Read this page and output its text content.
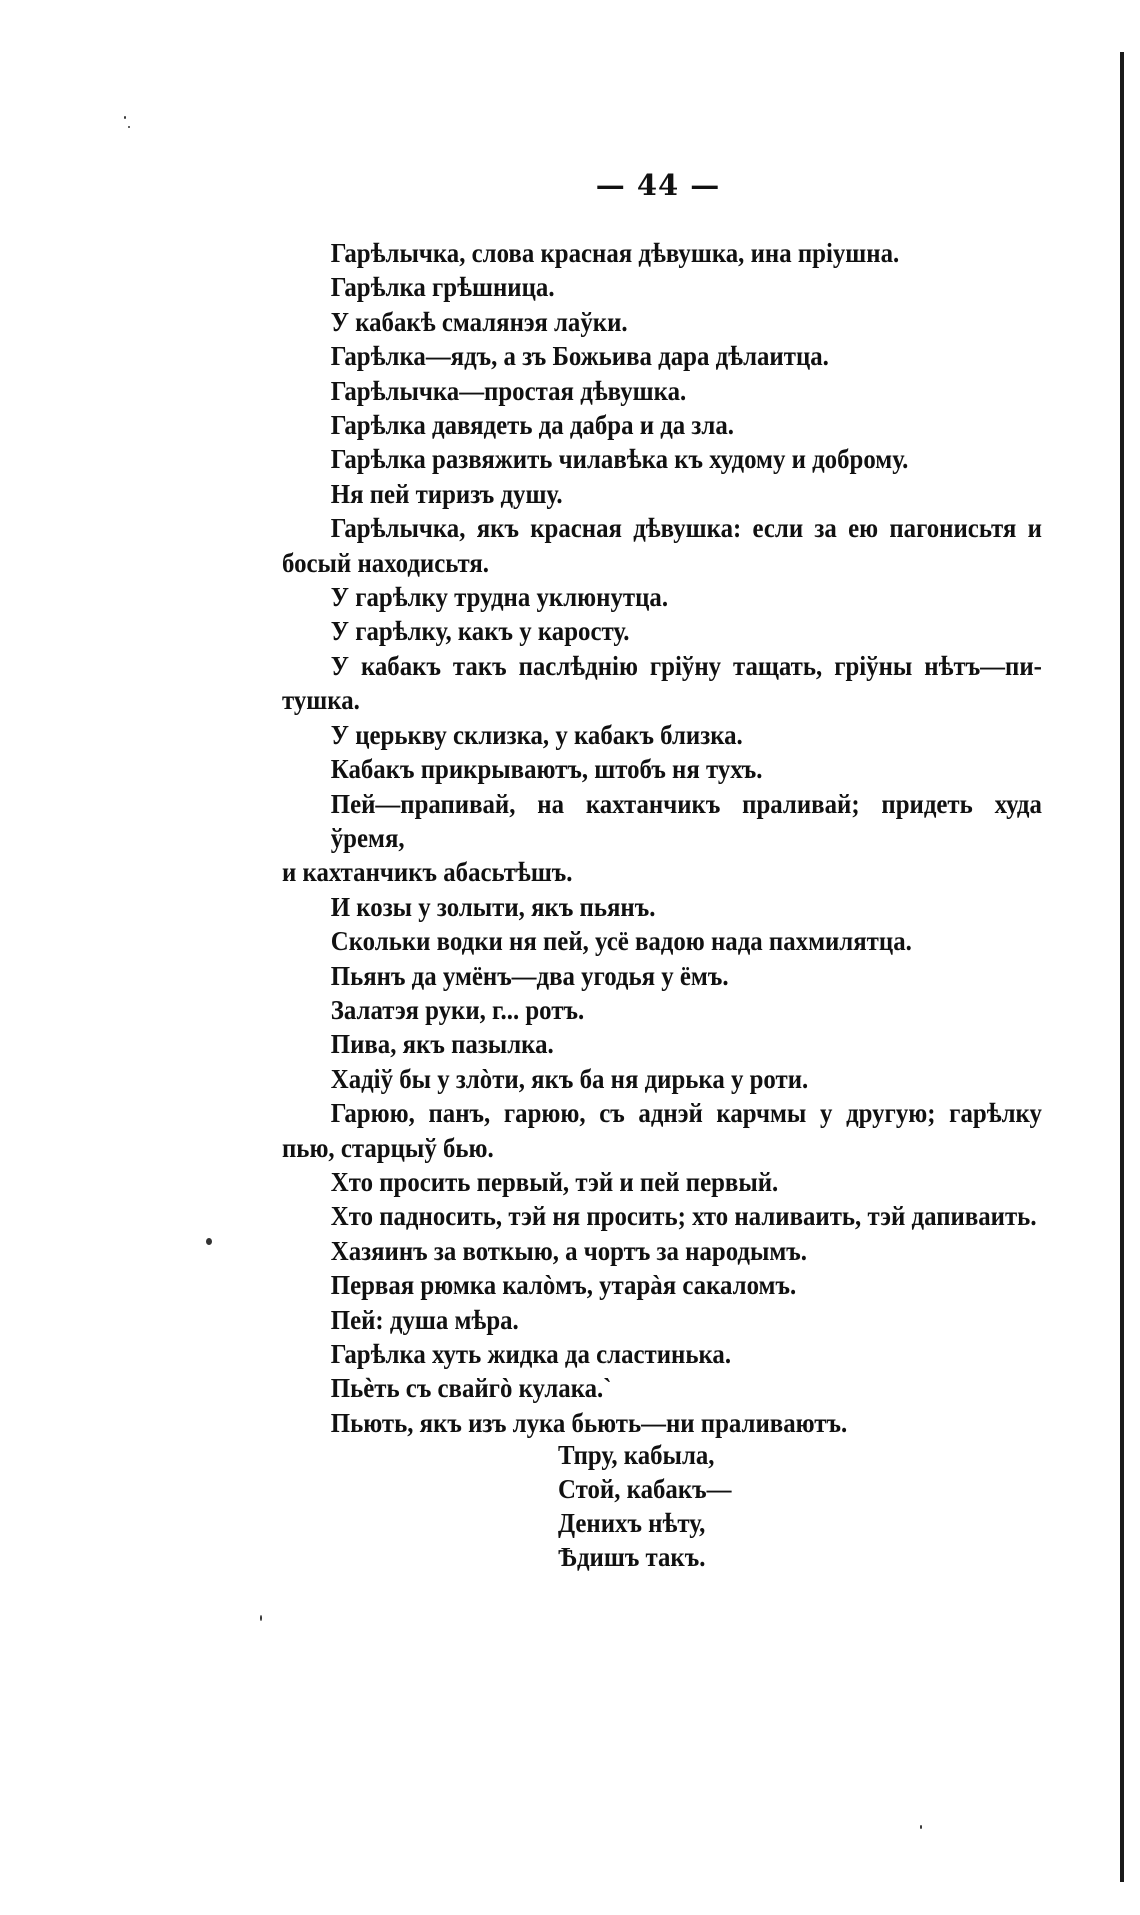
— 44 —
Гарѣлычка, слова красная дѣвушка, ина пріушна.
Гарѣлка грѣшница.
У кабакѣ смалянэя лаўки.
Гарѣлка—ядъ, а зъ Божьива дара дѣлаитца.
Гарѣлычка—простая дѣвушка.
Гарѣлка давядеть да дабра и да зла.
Гарѣлка развяжить чилавѣка къ худому и доброму.
Ня пей тиризъ душу.
Гарѣлычка, якъ красная дѣвушка: если за ею пагонисьтя и
босый находисьтя.
У гарѣлку трудна уклюнутца.
У гарѣлку, какъ у каросту.
У кабакъ такъ паслѣднію гріўну тащать, гріўны нѣтъ—пи-
тушка.
У церькву склизка, у кабакъ близка.
Кабакъ прикрываютъ, штобъ ня тухъ.
Пей—прапивай, на кахтанчикъ праливай; придеть худа ўремя,
и кахтанчикъ абасьтѣшъ.
И козы у золыти, якъ пьянъ.
Скольки водки ня пей, усё вадою нада пахмилятца.
Пьянъ да умёнъ—два угодья у ёмъ.
Залатэя руки, г... ротъ.
Пива, якъ пазылка.
Хадіў бы у злòти, якъ ба ня дирька у роти.
Гарюю, панъ, гарюю, съ аднэй карчмы у другую; гарѣлку
пью, старцыў бью.
Хто просить первый, тэй и пей первый.
Хто падносить, тэй ня просить; хто наливаить, тэй дапиваить.
Хазяинъ за воткыю, а чортъ за народымъ.
Первая рюмка калòмъ, утарàя сакаломъ.
Пей: душа мѣра.
Гарѣлка хуть жидка да сластинька.
Пьѐть съ свайгò кулака.`
Пьють, якъ изъ лука бьють—ни праливаютъ.
Тпру, кабыла,
Стой, кабакъ—
Дениxъ нѣту,
Ѣдишъ такъ.
